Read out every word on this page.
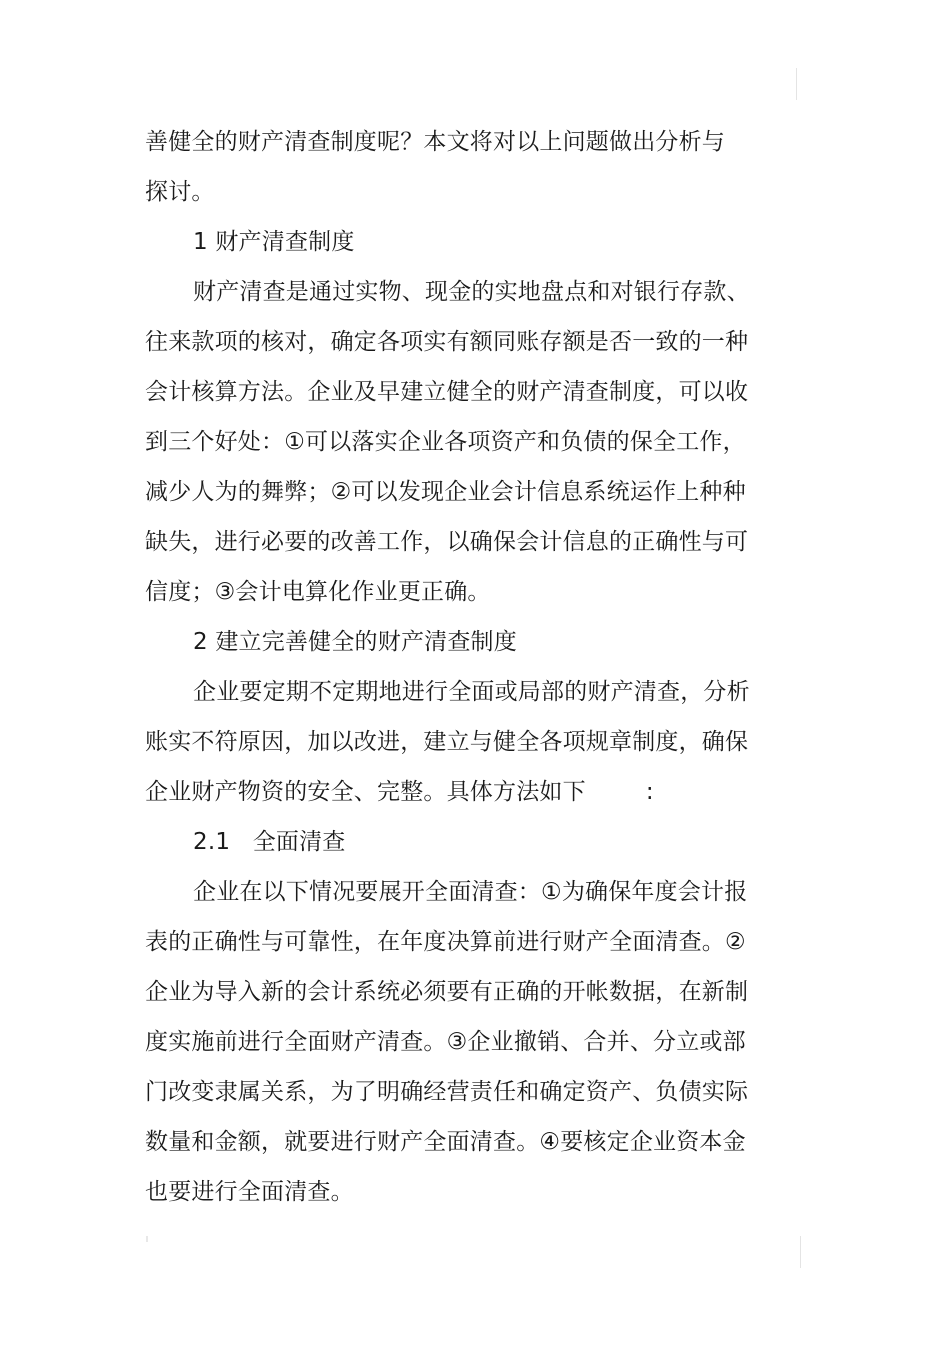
善健全的财产清查制度呢？本文将对以上问题做出分析与
探讨。
1 财产清查制度
财产清查是通过实物、现金的实地盘点和对银行存款、
往来款项的核对，确定各项实有额同账存额是否一致的一种
会计核算方法。企业及早建立健全的财产清查制度，可以收
到三个好处：①可以落实企业各项资产和负债的保全工作，
减少人为的舞弊；②可以发现企业会计信息系统运作上种种
缺失，进行必要的改善工作，以确保会计信息的正确性与可
信度；③会计电算化作业更正确。
2 建立完善健全的财产清查制度
企业要定期不定期地进行全面或局部的财产清查，分析
账实不符原因，加以改进，建立与健全各项规章制度，确保
企业财产物资的安全、完整。具体方法如下        :
2.1   全面清查
企业在以下情况要展开全面清查：①为确保年度会计报
表的正确性与可靠性，在年度决算前进行财产全面清查。②
企业为导入新的会计系统必须要有正确的开帐数据，在新制
度实施前进行全面财产清查。③企业撤销、合并、分立或部
门改变隶属关系，为了明确经营责任和确定资产、负债实际
数量和金额，就要进行财产全面清查。④要核定企业资本金
也要进行全面清查。
